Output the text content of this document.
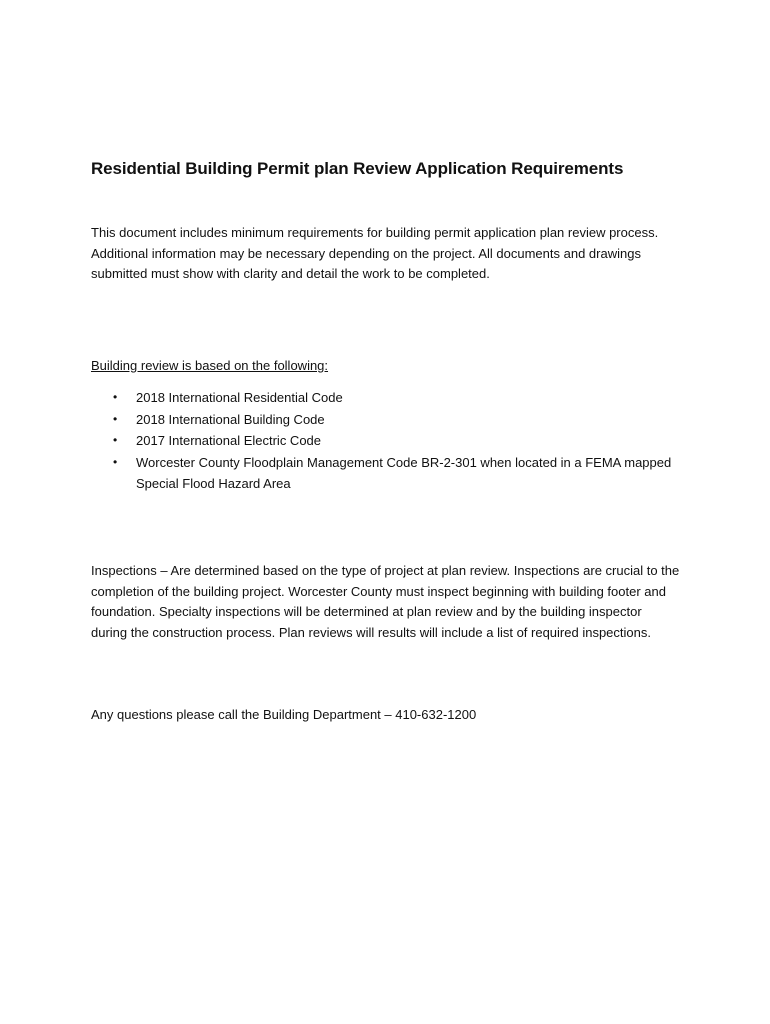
Residential Building Permit plan Review Application Requirements

This document includes minimum requirements for building permit application plan review process. Additional information may be necessary depending on the project. All documents and drawings submitted must show with clarity and detail the work to be completed.

Building review is based on the following:

• 2018 International Residential Code
• 2018 International Building Code
• 2017 International Electric Code
• Worcester County Floodplain Management Code BR-2-301 when located in a FEMA mapped Special Flood Hazard Area

Inspections – Are determined based on the type of project at plan review. Inspections are crucial to the completion of the building project. Worcester County must inspect beginning with building footer and foundation. Specialty inspections will be determined at plan review and by the building inspector during the construction process. Plan reviews will results will include a list of required inspections.

Any questions please call the Building Department – 410-632-1200
